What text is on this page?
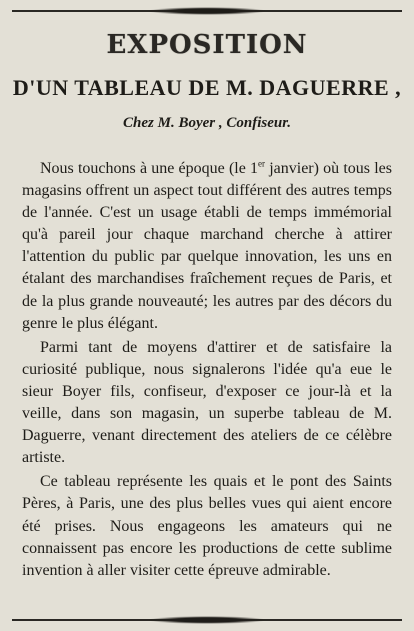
EXPOSITION
D'UN TABLEAU DE M. DAGUERRE ,
Chez M. Boyer , Confiseur.

Nous touchons à une époque (le 1er janvier) où tous les magasins offrent un aspect tout différent des autres temps de l'année. C'est un usage établi de temps immémorial qu'à pareil jour chaque marchand cherche à attirer l'attention du public par quelque innovation, les uns en étalant des marchandises fraîchement reçues de Paris, et de la plus grande nouveauté; les autres par des décors du genre le plus élégant.

Parmi tant de moyens d'attirer et de satisfaire la curiosité publique, nous signalerons l'idée qu'a eue le sieur Boyer fils, confiseur, d'exposer ce jour-là et la veille, dans son magasin, un superbe tableau de M. Daguerre, venant directement des ateliers de ce célèbre artiste.

Ce tableau représente les quais et le pont des Saints Pères, à Paris, une des plus belles vues qui aient encore été prises. Nous engageons les amateurs qui ne connaissent pas encore les productions de cette sublime invention à aller visiter cette épreuve admirable.
